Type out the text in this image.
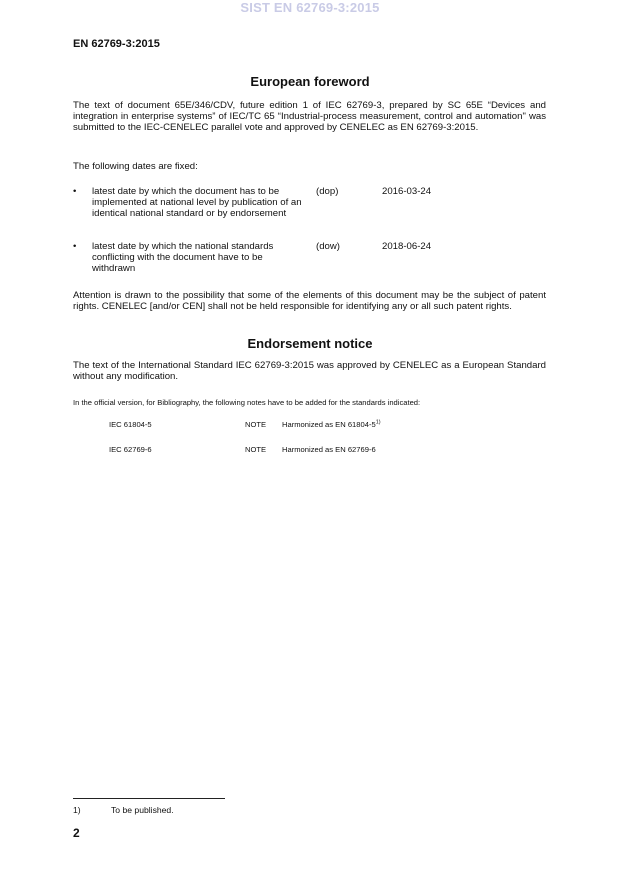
SIST EN 62769-3:2015
EN 62769-3:2015
European foreword
The text of document 65E/346/CDV, future edition 1 of IEC 62769-3, prepared by SC 65E “Devices and integration in enterprise systems” of IEC/TC 65 “Industrial-process measurement, control and automation" was submitted to the IEC-CENELEC parallel vote and approved by CENELEC as EN 62769-3:2015.
The following dates are fixed:
• latest date by which the document has to be implemented at national level by publication of an identical national standard or by endorsement
(dop)	2016-03-24
• latest date by which the national standards conflicting with the document have to be withdrawn
(dow)	2018-06-24
Attention is drawn to the possibility that some of the elements of this document may be the subject of patent rights. CENELEC [and/or CEN] shall not be held responsible for identifying any or all such patent rights.
Endorsement notice
The text of the International Standard IEC 62769-3:2015 was approved by CENELEC as a European Standard without any modification.
In the official version, for Bibliography, the following notes have to be added for the standards indicated:
IEC 61804-5	NOTE Harmonized as EN 61804-5$^{1)}$
IEC 62769-6	NOTE Harmonized as EN 62769-6
1)	To be published.
2
